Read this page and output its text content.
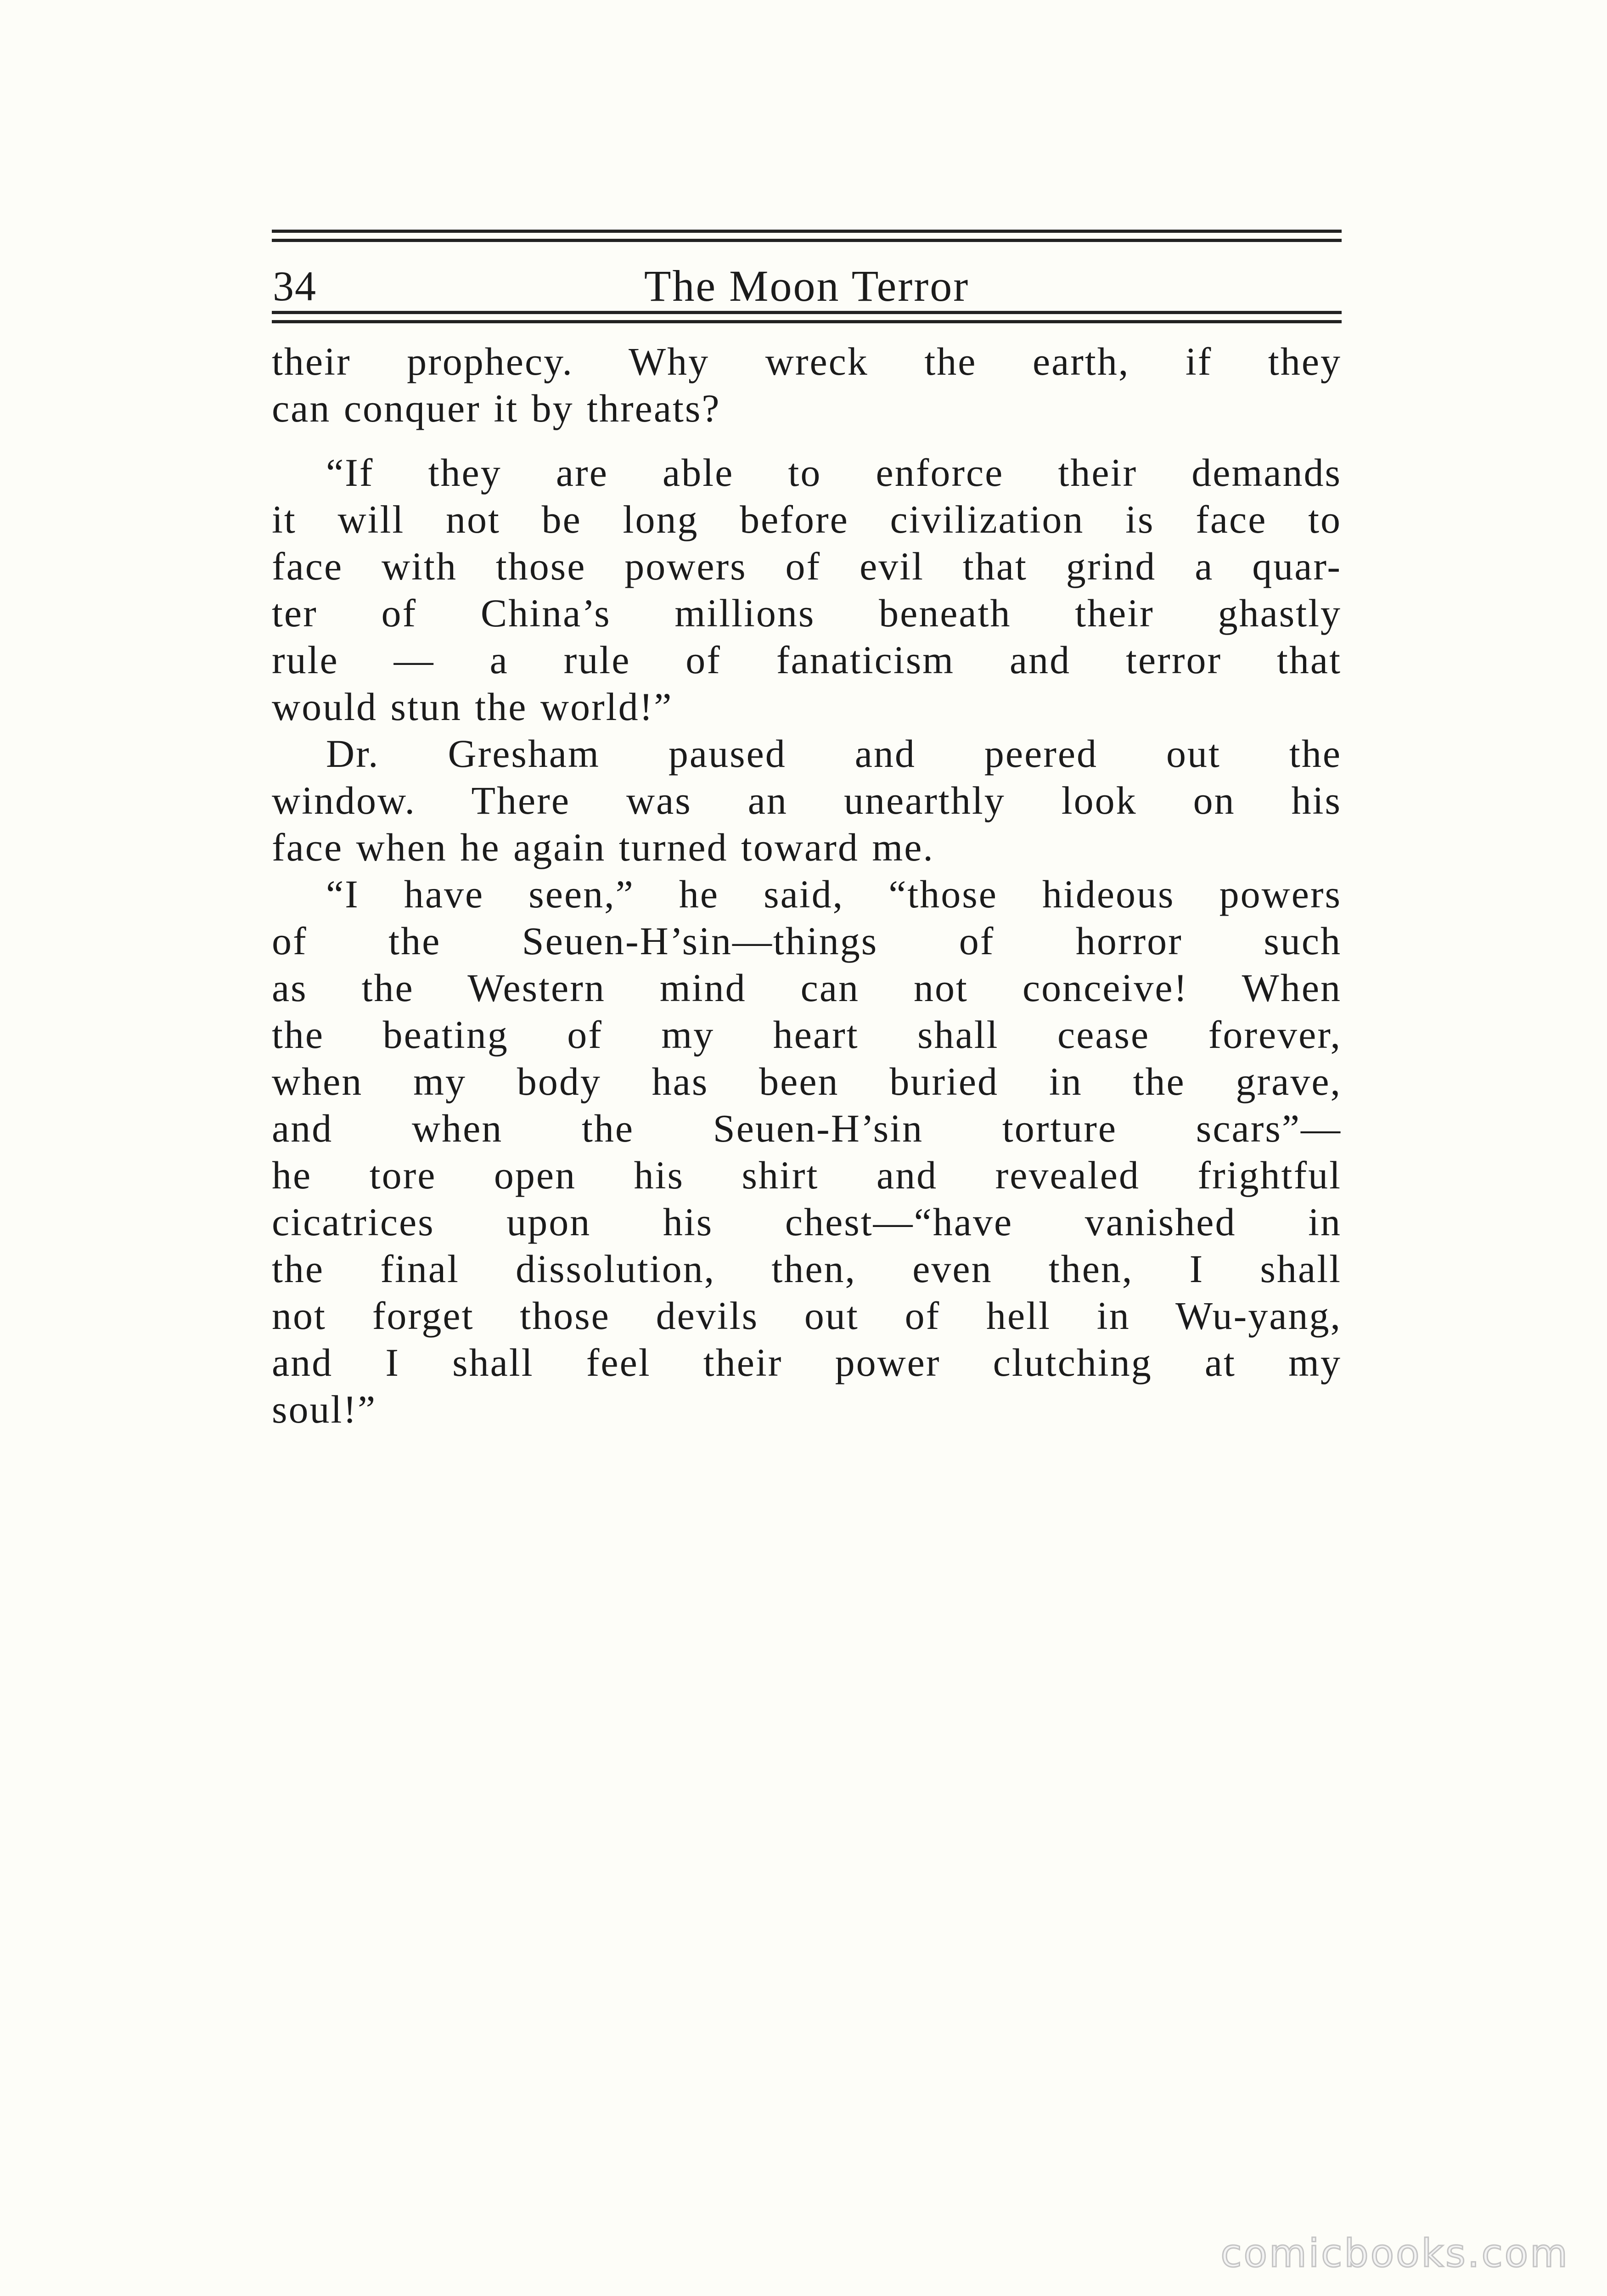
34	The Moon Terror
their prophecy. Why wreck the earth, if they
can conquer it by threats?
“If they are able to enforce their demands
it will not be long before civilization is face to
face with those powers of evil that grind a quar-
ter of China’s millions beneath their ghastly
rule — a rule of fanaticism and terror that
would stun the world!”
Dr. Gresham paused and peered out the
window. There was an unearthly look on his
face when he again turned toward me.
“I have seen,” he said, “those hideous powers
of the Seuen-H’sin—things of horror such
as the Western mind can not conceive! When
the beating of my heart shall cease forever,
when my body has been buried in the grave,
and when the Seuen-H’sin torture scars”—
he tore open his shirt and revealed frightful
cicatrices upon his chest—“have vanished in
the final dissolution, then, even then, I shall
not forget those devils out of hell in Wu-yang,
and I shall feel their power clutching at my
soul!”
comicbooks.com
